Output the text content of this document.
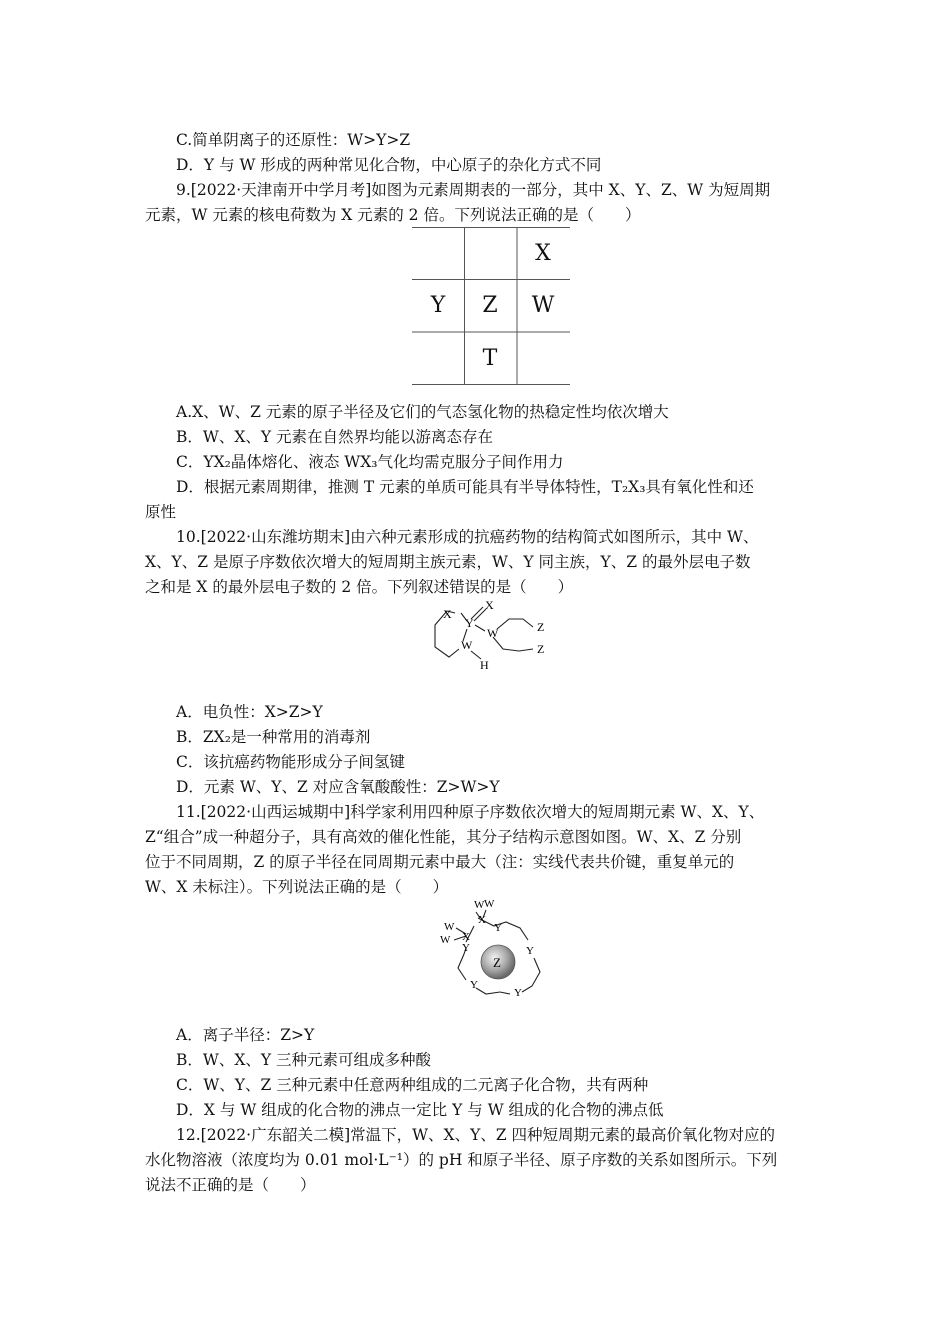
C.简单阴离子的还原性：W>Y>Z
D．Y 与 W 形成的两种常见化合物，中心原子的杂化方式不同
9.[2022·天津南开中学月考]如图为元素周期表的一部分，其中 X、Y、Z、W 为短周期
元素，W 元素的核电荷数为 X 元素的 2 倍。下列说法正确的是（　　）
X
Y	Z	W
T
A.X、W、Z 元素的原子半径及它们的气态氢化物的热稳定性均依次增大
B．W、X、Y 元素在自然界均能以游离态存在
C．YX₂晶体熔化、液态 WX₃气化均需克服分子间作用力
D．根据元素周期律，推测 T 元素的单质可能具有半导体特性，T₂X₃具有氧化性和还
原性
10.[2022·山东潍坊期末]由六种元素形成的抗癌药物的结构简式如图所示，其中 W、
X、Y、Z 是原子序数依次增大的短周期主族元素，W、Y 同主族，Y、Z 的最外层电子数
之和是 X 的最外层电子数的 2 倍。下列叙述错误的是（　　）
X
X
Y
W
W
H
Z
Z
A．电负性：X>Z>Y
B．ZX₂是一种常用的消毒剂
C．该抗癌药物能形成分子间氢键
D．元素 W、Y、Z 对应含氧酸酸性：Z>W>Y
11.[2022·山西运城期中]科学家利用四种原子序数依次增大的短周期元素 W、X、Y、
Z“组合”成一种超分子，具有高效的催化性能，其分子结构示意图如图。W、X、Z 分别
位于不同周期，Z 的原子半径在同周期元素中最大（注：实线代表共价键，重复单元的
W、X 未标注）。下列说法正确的是（　　）
Z
W W
W
W
X
X
Y
Y
Y
Y
Y
A．离子半径：Z>Y
B．W、X、Y 三种元素可组成多种酸
C．W、Y、Z 三种元素中任意两种组成的二元离子化合物，共有两种
D．X 与 W 组成的化合物的沸点一定比 Y 与 W 组成的化合物的沸点低
12.[2022·广东韶关二模]常温下，W、X、Y、Z 四种短周期元素的最高价氧化物对应的
水化物溶液（浓度均为 0.01 mol·L⁻¹）的 pH 和原子半径、原子序数的关系如图所示。下列
说法不正确的是（　　）
